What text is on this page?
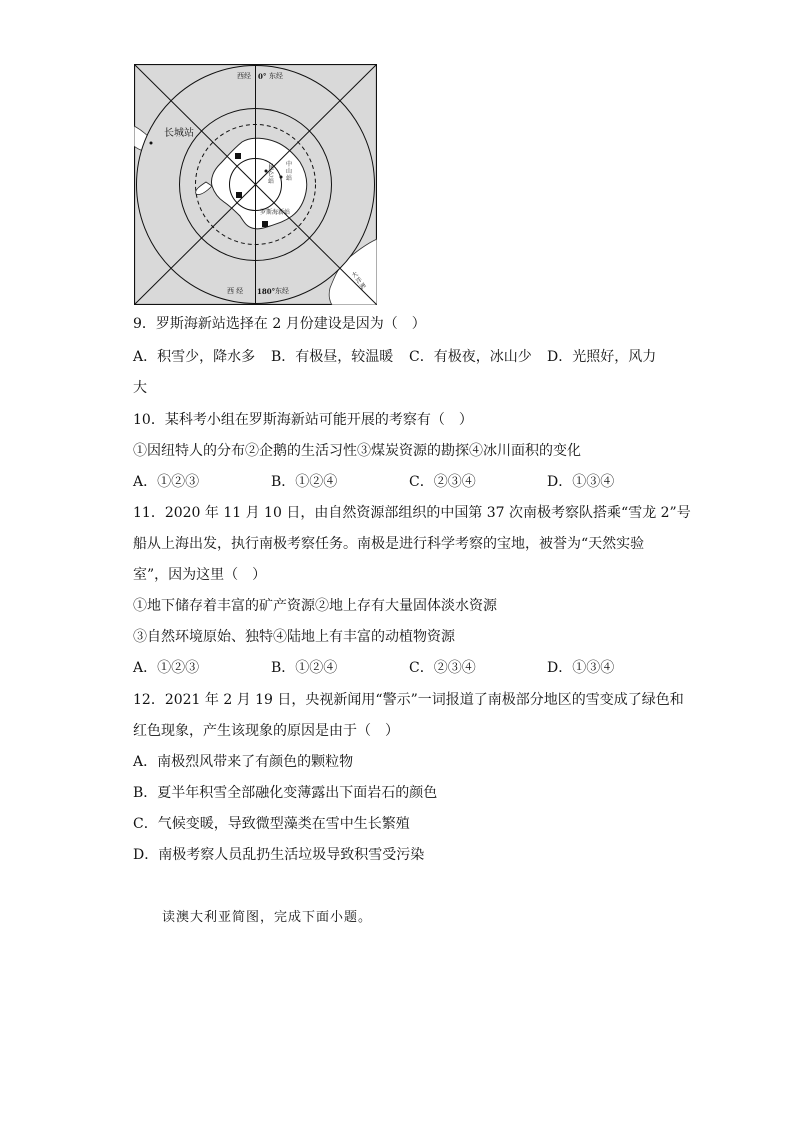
西经 0° 东经
西 经 180° 东经
长城站
中山站
昆仑站
罗斯海新站
大洋洲
9．罗斯海新站选择在 2 月份建设是因为（　）
A．积雪少，降水多 B．有极昼，较温暖 C．有极夜，冰山少 D．光照好，风力
大
10．某科考小组在罗斯海新站可能开展的考察有（　）
①因纽特人的分布②企鹅的生活习性③煤炭资源的勘探④冰川面积的变化
A．①②③	B．①②④	C．②③④	D．①③④
11．2020 年 11 月 10 日，由自然资源部组织的中国第 37 次南极考察队搭乘“雪龙 2”号
船从上海出发，执行南极考察任务。南极是进行科学考察的宝地，被誉为“天然实验
室”，因为这里（　）
①地下储存着丰富的矿产资源②地上存有大量固体淡水资源
③自然环境原始、独特④陆地上有丰富的动植物资源
A．①②③	B．①②④	C．②③④	D．①③④
12．2021 年 2 月 19 日，央视新闻用“警示”一词报道了南极部分地区的雪变成了绿色和
红色现象，产生该现象的原因是由于（　）
A．南极烈风带来了有颜色的颗粒物
B．夏半年积雪全部融化变薄露出下面岩石的颜色
C．气候变暖，导致微型藻类在雪中生长繁殖
D．南极考察人员乱扔生活垃圾导致积雪受污染
读澳大利亚简图，完成下面小题。
